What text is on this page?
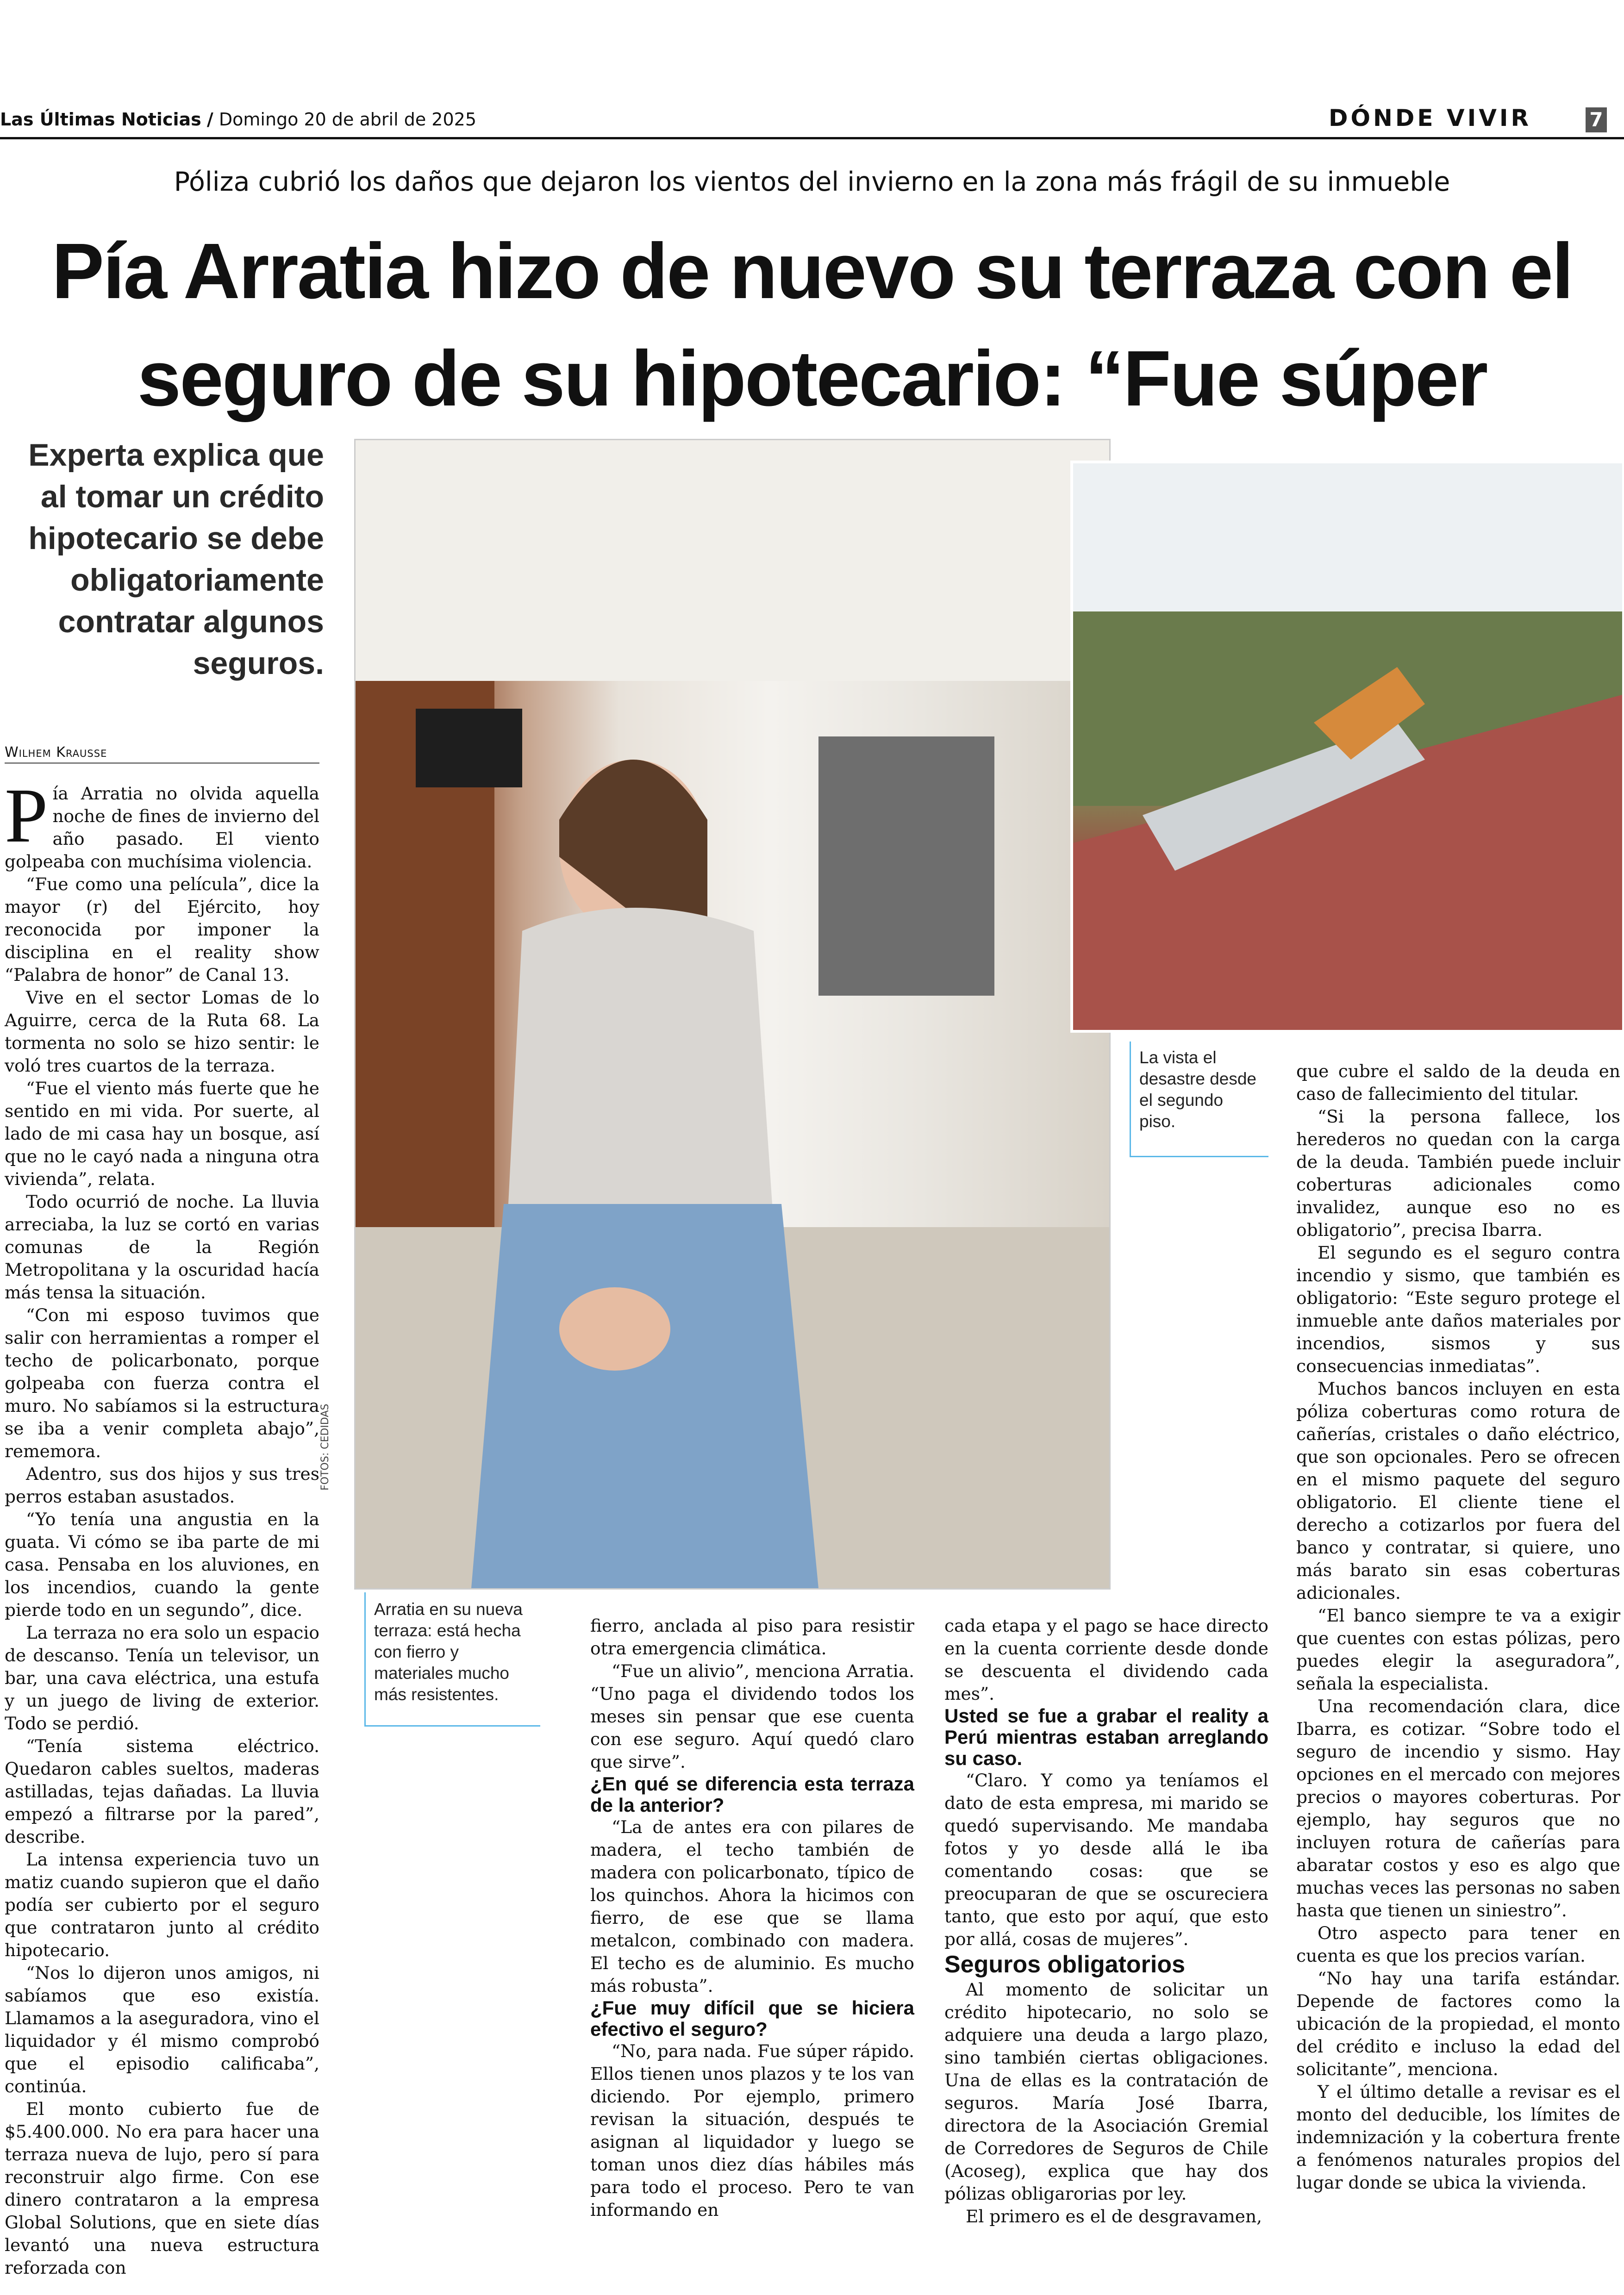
Las Últimas Noticias / Domingo 20 de abril de 2025	DÓNDE VIVIR	7
Póliza cubrió los daños que dejaron los vientos del invierno en la zona más frágil de su inmueble
Pía Arratia hizo de nuevo su terraza con el
seguro de su hipotecario: “Fue súper
Experta explica que al tomar un crédito hipotecario se debe obligatoriamente contratar algunos seguros.
Wilhem Krausse
FOTOS: CEDIDAS
Arratia en su nueva terraza: está hecha con fierro y materiales mucho más resistentes.
La vista el desastre desde el segundo piso.

Pía Arratia no olvida aquella noche de fines de invierno del año pasado. El viento golpeaba con muchísima violencia.

“Fue como una película”, dice la mayor (r) del Ejército, hoy reconocida por imponer la disciplina en el reality show “Palabra de honor” de Canal 13.

Vive en el sector Lomas de lo Aguirre, cerca de la Ruta 68. La tormenta no solo se hizo sentir: le voló tres cuartos de la terraza.

“Fue el viento más fuerte que he sentido en mi vida. Por suerte, al lado de mi casa hay un bosque, así que no le cayó nada a ninguna otra vivienda”, relata.

Todo ocurrió de noche. La lluvia arreciaba, la luz se cortó en varias comunas de la Región Metropolitana y la oscuridad hacía más tensa la situación.

“Con mi esposo tuvimos que salir con herramientas a romper el techo de policarbonato, porque golpeaba con fuerza contra el muro. No sabíamos si la estructura se iba a venir completa abajo”, rememora.

Adentro, sus dos hijos y sus tres perros estaban asustados.

“Yo tenía una angustia en la guata. Vi cómo se iba parte de mi casa. Pensaba en los aluviones, en los incendios, cuando la gente pierde todo en un segundo”, dice.

La terraza no era solo un espacio de descanso. Tenía un televisor, un bar, una cava eléctrica, una estufa y un juego de living de exterior. Todo se perdió.

“Tenía sistema eléctrico. Quedaron cables sueltos, maderas astilladas, tejas dañadas. La lluvia empezó a filtrarse por la pared”, describe.

La intensa experiencia tuvo un matiz cuando supieron que el daño podía ser cubierto por el seguro que contrataron junto al crédito hipotecario.

“Nos lo dijeron unos amigos, ni sabíamos que eso existía. Llamamos a la aseguradora, vino el liquidador y él mismo comprobó que el episodio calificaba”, continúa.

El monto cubierto fue de $5.400.000. No era para hacer una terraza nueva de lujo, pero sí para reconstruir algo firme. Con ese dinero contrataron a la empresa Global Solutions, que en siete días levantó una nueva estructura reforzada con

fierro, anclada al piso para resistir otra emergencia climática.

“Fue un alivio”, menciona Arratia. “Uno paga el dividendo todos los meses sin pensar que ese cuenta con ese seguro. Aquí quedó claro que sirve”.

¿En qué se diferencia esta terraza de la anterior?

“La de antes era con pilares de madera, el techo también de madera con policarbonato, típico de los quinchos. Ahora la hicimos con fierro, de ese que se llama metalcon, combinado con madera. El techo es de aluminio. Es mucho más robusta”.

¿Fue muy difícil que se hiciera efectivo el seguro?

“No, para nada. Fue súper rápido. Ellos tienen unos plazos y te los van diciendo. Por ejemplo, primero revisan la situación, después te asignan al liquidador y luego se toman unos diez días hábiles más para todo el proceso. Pero te van informando en

cada etapa y el pago se hace directo en la cuenta corriente desde donde se descuenta el dividendo cada mes”.

Usted se fue a grabar el reality a Perú mientras estaban arreglando su caso.

“Claro. Y como ya teníamos el dato de esta empresa, mi marido se quedó supervisando. Me mandaba fotos y yo desde allá le iba comentando cosas: que se preocuparan de que se oscureciera tanto, que esto por aquí, que esto por allá, cosas de mujeres”.

Seguros obligatorios

Al momento de solicitar un crédito hipotecario, no solo se adquiere una deuda a largo plazo, sino también ciertas obligaciones. Una de ellas es la contratación de seguros. María José Ibarra, directora de la Asociación Gremial de Corredores de Seguros de Chile (Acoseg), explica que hay dos pólizas obligarorias por ley.

El primero es el de desgravamen,

que cubre el saldo de la deuda en caso de fallecimiento del titular.

“Si la persona fallece, los herederos no quedan con la carga de la deuda. También puede incluir coberturas adicionales como invalidez, aunque eso no es obligatorio”, precisa Ibarra.

El segundo es el seguro contra incendio y sismo, que también es obligatorio: “Este seguro protege el inmueble ante daños materiales por incendios, sismos y sus consecuencias inmediatas”.

Muchos bancos incluyen en esta póliza coberturas como rotura de cañerías, cristales o daño eléctrico, que son opcionales. Pero se ofrecen en el mismo paquete del seguro obligatorio. El cliente tiene el derecho a cotizarlos por fuera del banco y contratar, si quiere, uno más barato sin esas coberturas adicionales.

“El banco siempre te va a exigir que cuentes con estas pólizas, pero puedes elegir la aseguradora”, señala la especialista.

Una recomendación clara, dice Ibarra, es cotizar. “Sobre todo el seguro de incendio y sismo. Hay opciones en el mercado con mejores precios o mayores coberturas. Por ejemplo, hay seguros que no incluyen rotura de cañerías para abaratar costos y eso es algo que muchas veces las personas no saben hasta que tienen un siniestro”.

Otro aspecto para tener en cuenta es que los precios varían.

“No hay una tarifa estándar. Depende de factores como la ubicación de la propiedad, el monto del crédito e incluso la edad del solicitante”, menciona.

Y el último detalle a revisar es el monto del deducible, los límites de indemnización y la cobertura frente a fenómenos naturales propios del lugar donde se ubica la vivienda.
